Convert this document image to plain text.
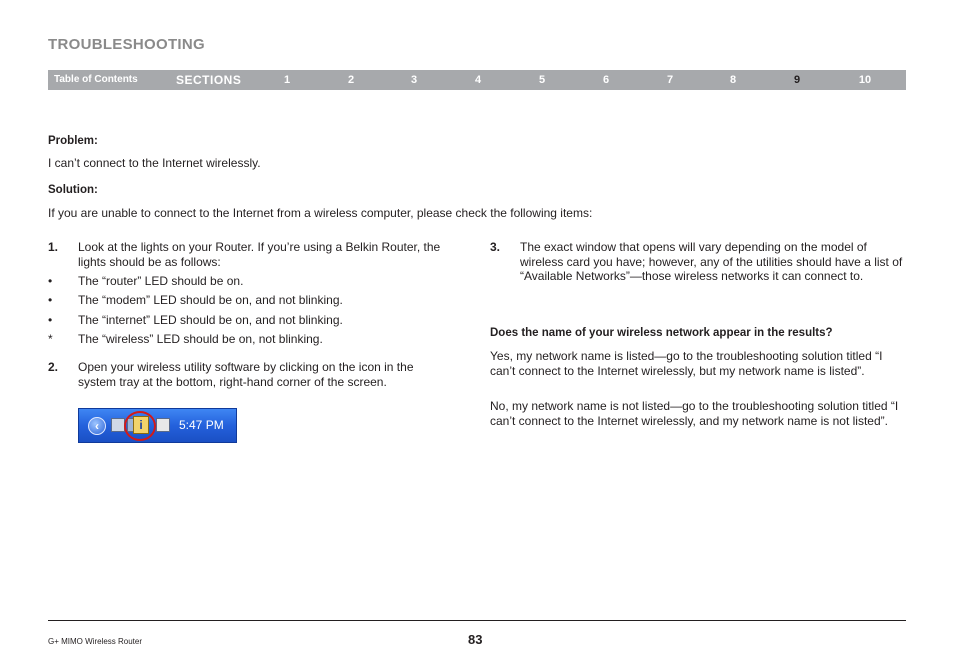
TROUBLESHOOTING
Table of Contents	SECTIONS	1	2	3	4	5	6	7	8	9	10
Problem:
I can’t connect to the Internet wirelessly.
Solution:
If you are unable to connect to the Internet from a wireless computer, please check the following items:
1. Look at the lights on your Router. If you’re using a Belkin Router, the lights should be as follows:
• The “router” LED should be on.
• The “modem” LED should be on, and not blinking.
• The “internet” LED should be on, and not blinking.
* The “wireless” LED should be on, not blinking.
2. Open your wireless utility software by clicking on the icon in the system tray at the bottom, right-hand corner of the screen.
‹	i	5:47 PM
3. The exact window that opens will vary depending on the model of wireless card you have; however, any of the utilities should have a list of “Available Networks”—those wireless networks it can connect to.
Does the name of your wireless network appear in the results?
Yes, my network name is listed—go to the troubleshooting solution titled “I can’t connect to the Internet wirelessly, but my network name is listed”.
No, my network name is not listed—go to the troubleshooting solution titled “I can’t connect to the Internet wirelessly, and my network name is not listed”.
G+ MIMO Wireless Router	83
